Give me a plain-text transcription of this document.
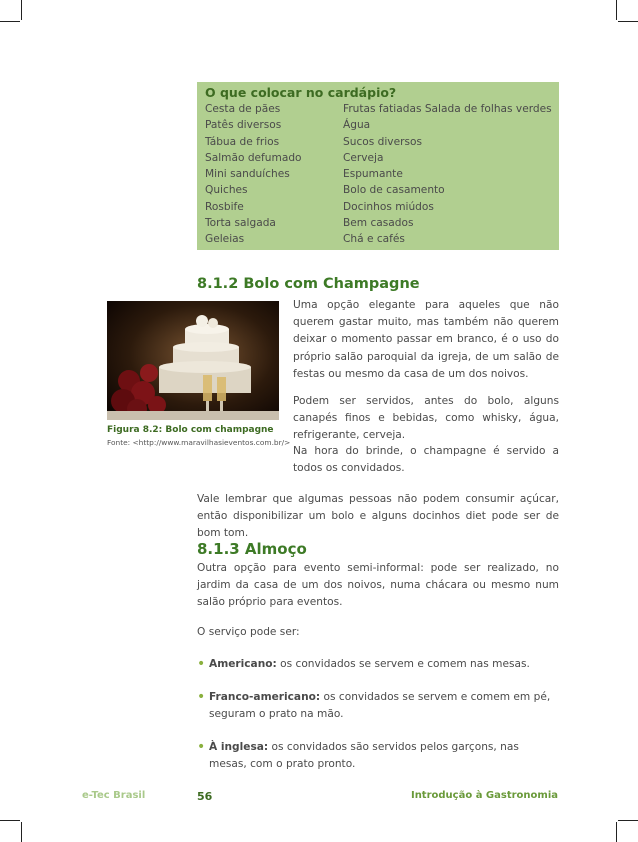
O que colocar no cardápio?
Cesta de pães
Patês diversos
Tábua de frios
Salmão defumado
Mini sanduíches
Quiches
Rosbife
Torta salgada
Geleias
Frutas fatiadas Salada de folhas verdes
Água
Sucos diversos
Cerveja
Espumante
Bolo de casamento
Docinhos miúdos
Bem casados
Chá e cafés
8.1.2 Bolo com Champagne
Figura 8.2: Bolo com champagne
Fonte: <http://www.maravilhasieventos.com.br/>
Uma opção elegante para aqueles que não querem gastar muito, mas também não querem deixar o momento passar em branco, é o uso do próprio salão paroquial da igreja, de um salão de festas ou mesmo da casa de um dos noivos.
Podem ser servidos, antes do bolo, alguns canapés finos e bebidas, como whisky, água, refrigerante, cerveja.
Na hora do brinde, o champagne é servido a todos os convidados.
Vale lembrar que algumas pessoas não podem consumir açúcar, então disponibilizar um bolo e alguns docinhos diet pode ser de bom tom.
8.1.3 Almoço
Outra opção para evento semi-informal: pode ser realizado, no jardim da casa de um dos noivos, numa chácara ou mesmo num salão próprio para eventos.
O serviço pode ser:
• Americano: os convidados se servem e comem nas mesas.
• Franco-americano: os convidados se servem e comem em pé, seguram o prato na mão.
• À inglesa: os convidados são servidos pelos garçons, nas mesas, com o prato pronto.
e-Tec Brasil	56	Introdução à Gastronomia
